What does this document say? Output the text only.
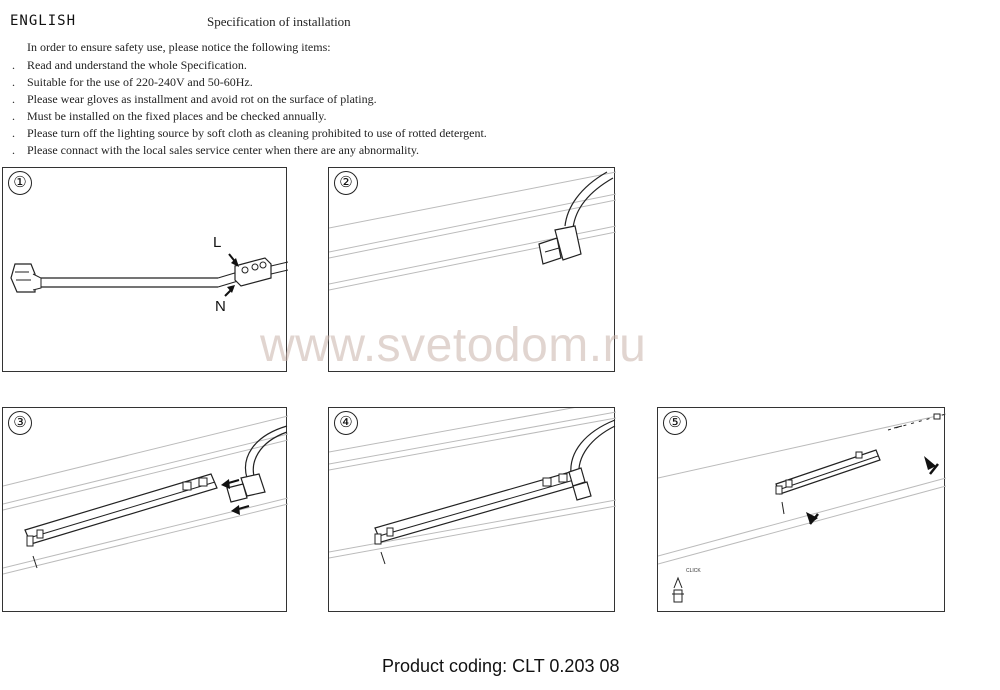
ENGLISH	Specification of installation
In order to ensure safety use, please notice the following items:
. Read and understand the whole Specification.
. Suitable for the use of 220-240V and 50-60Hz.
. Please wear gloves as installment and avoid rot on the surface of plating.
. Must be installed on the fixed places and be checked annually.
. Please turn off the lighting source by soft cloth as cleaning prohibited to use of rotted detergent.
. Please connact with the local sales service center when there are any abnormality.
①
L
N
②
③	④	⑤
CLICK
www.svetodom.ru
Product coding: CLT 0.203 08
